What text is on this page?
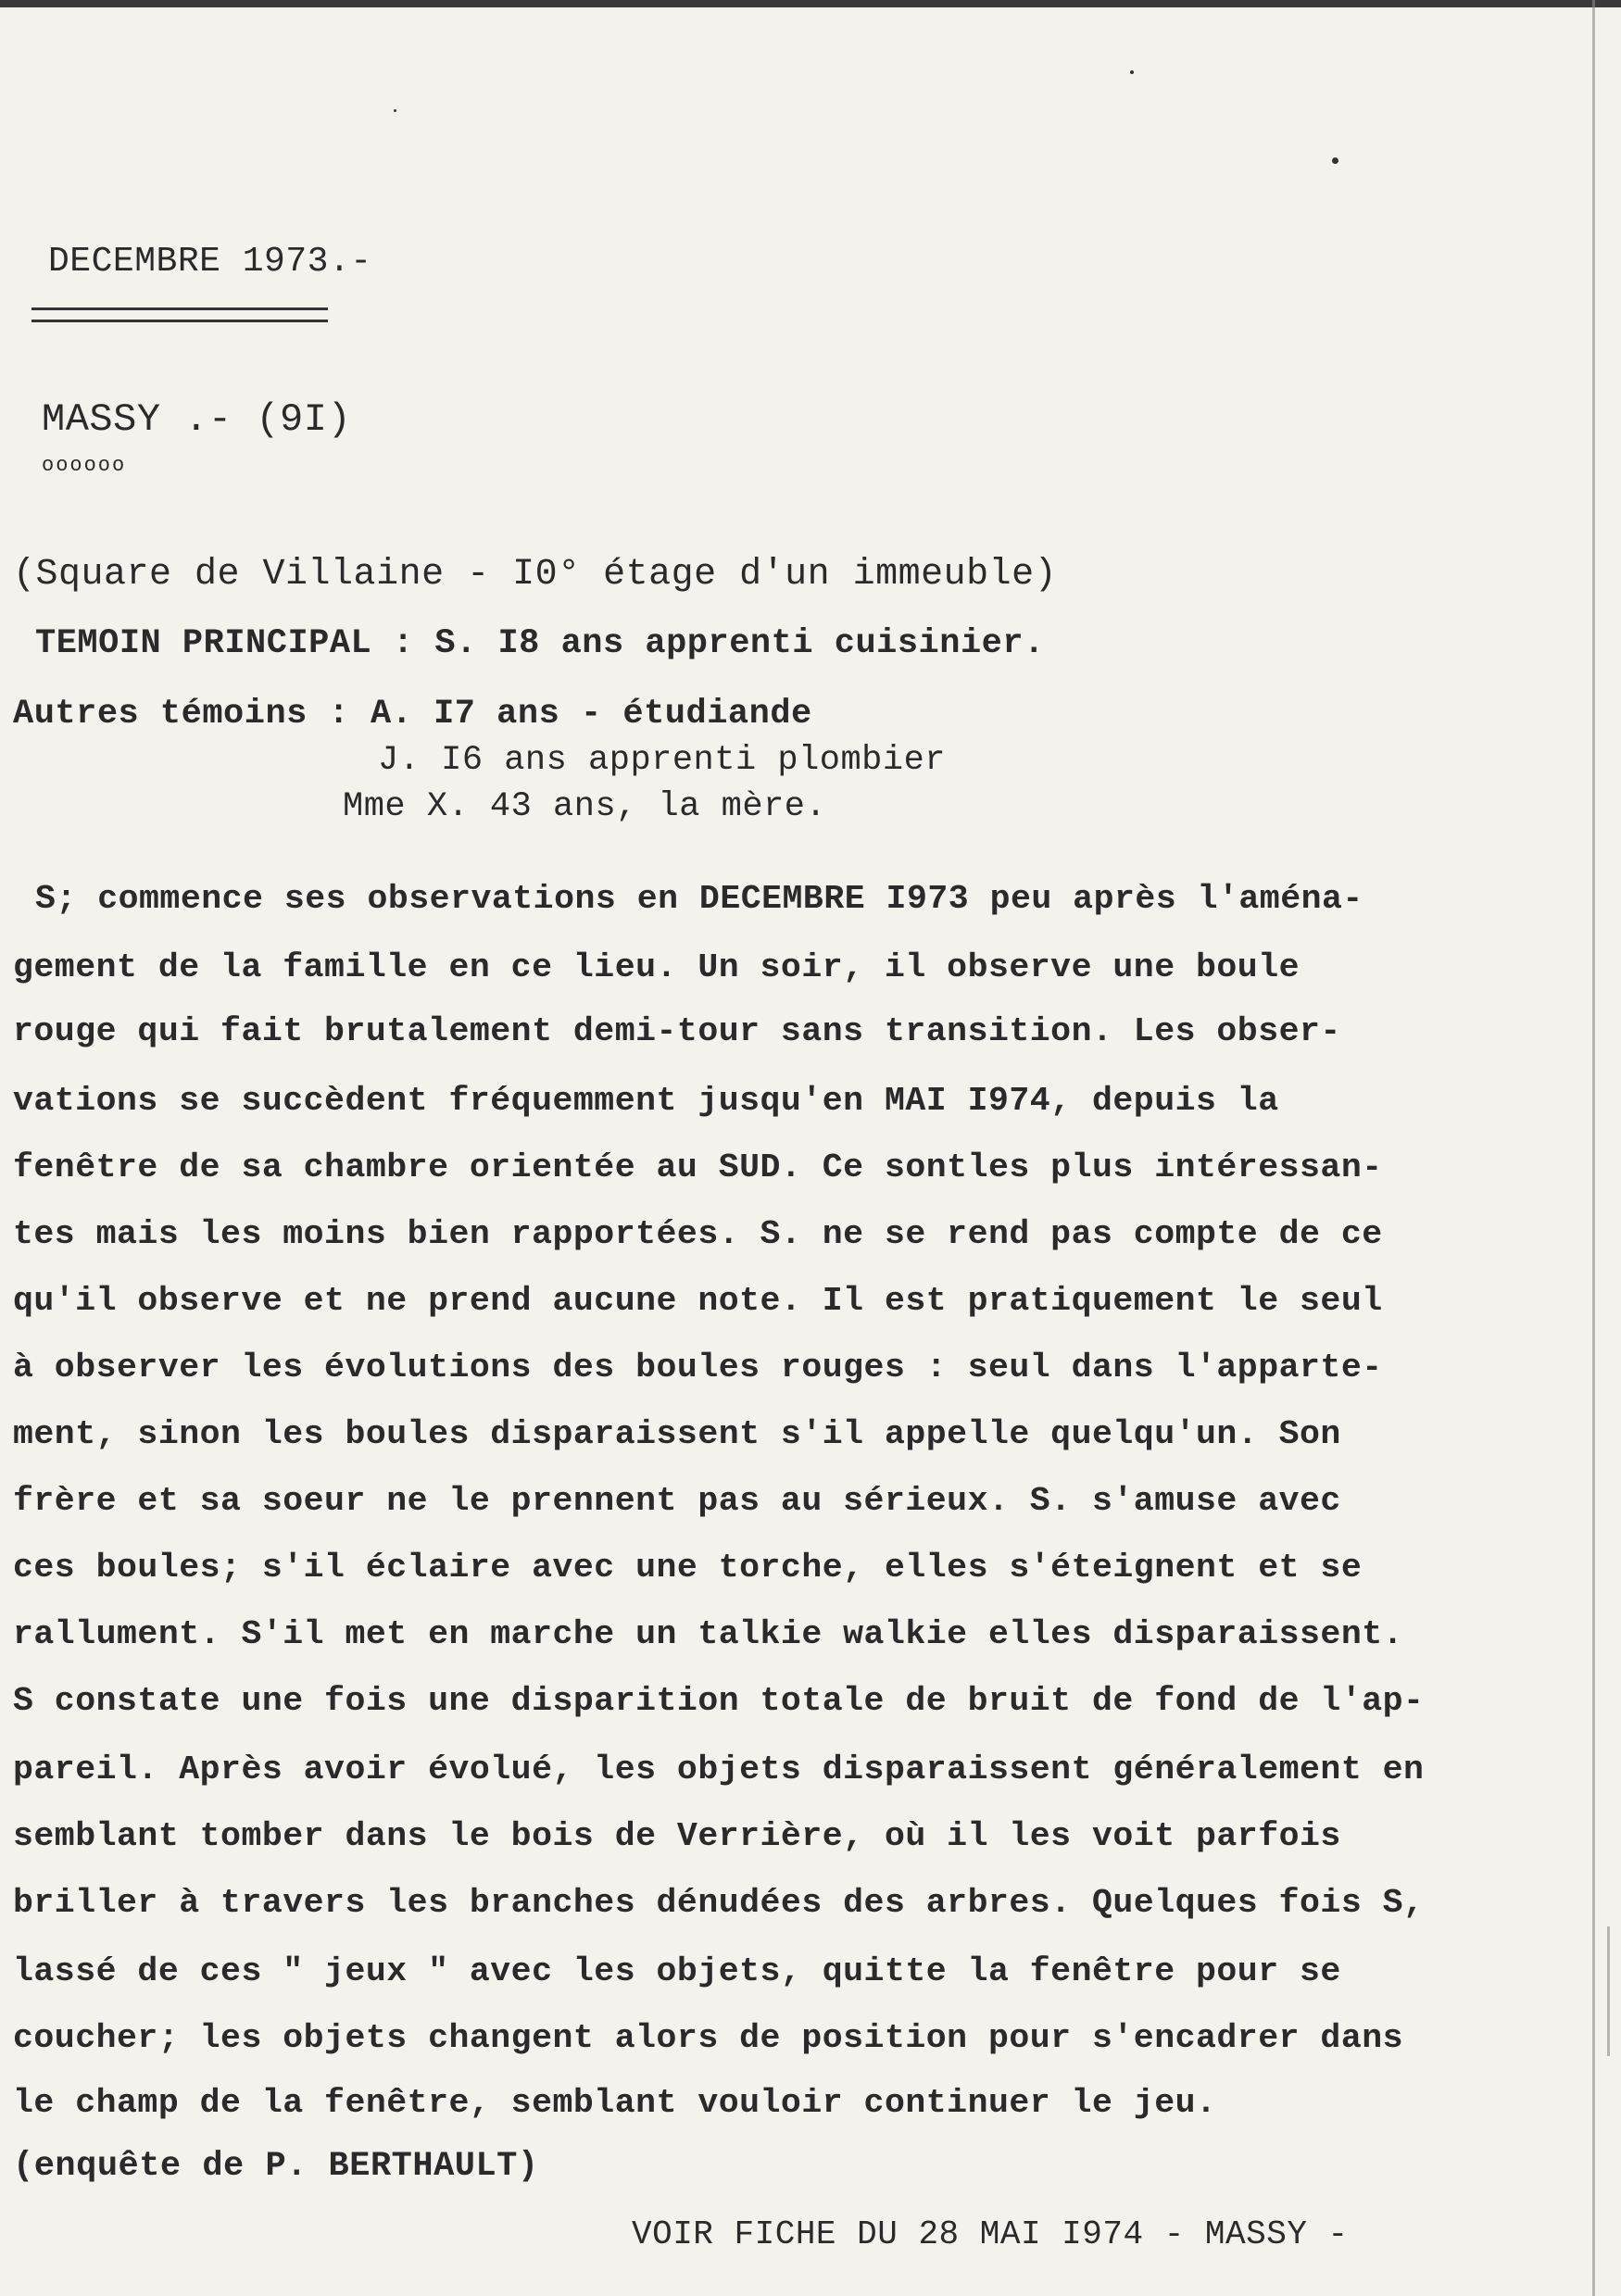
DECEMBRE 1973.-
MASSY .- (9I)
oooooo
(Square de Villaine - I0° étage d'un immeuble)
TEMOIN PRINCIPAL : S. I8 ans apprenti cuisinier.
Autres témoins : A. I7 ans - étudiande
J. I6 ans apprenti plombier
Mme X. 43 ans, la mère.
S; commence ses observations en DECEMBRE I973 peu après l'aména-
gement de la famille en ce lieu. Un soir, il observe une boule
rouge qui fait brutalement demi-tour sans transition. Les obser-
vations se succèdent fréquemment jusqu'en MAI I974, depuis la
fenêtre de sa chambre orientée au SUD. Ce sontles plus intéressan-
tes mais les moins bien rapportées. S. ne se rend pas compte de ce
qu'il observe et ne prend aucune note. Il est pratiquement le seul
à observer les évolutions des boules rouges : seul dans l'apparte-
ment, sinon les boules disparaissent s'il appelle quelqu'un. Son
frère et sa soeur ne le prennent pas au sérieux. S. s'amuse avec
ces boules; s'il éclaire avec une torche, elles s'éteignent et se
rallument. S'il met en marche un talkie walkie elles disparaissent.
S constate une fois une disparition totale de bruit de fond de l'ap-
pareil. Après avoir évolué, les objets disparaissent généralement en
semblant tomber dans le bois de Verrière, où il les voit parfois
briller à travers les branches dénudées des arbres. Quelques fois S,
lassé de ces " jeux " avec les objets, quitte la fenêtre pour se
coucher; les objets changent alors de position pour s'encadrer dans
le champ de la fenêtre, semblant vouloir continuer le jeu.
(enquête de P. BERTHAULT)
VOIR FICHE DU 28 MAI I974 - MASSY -
